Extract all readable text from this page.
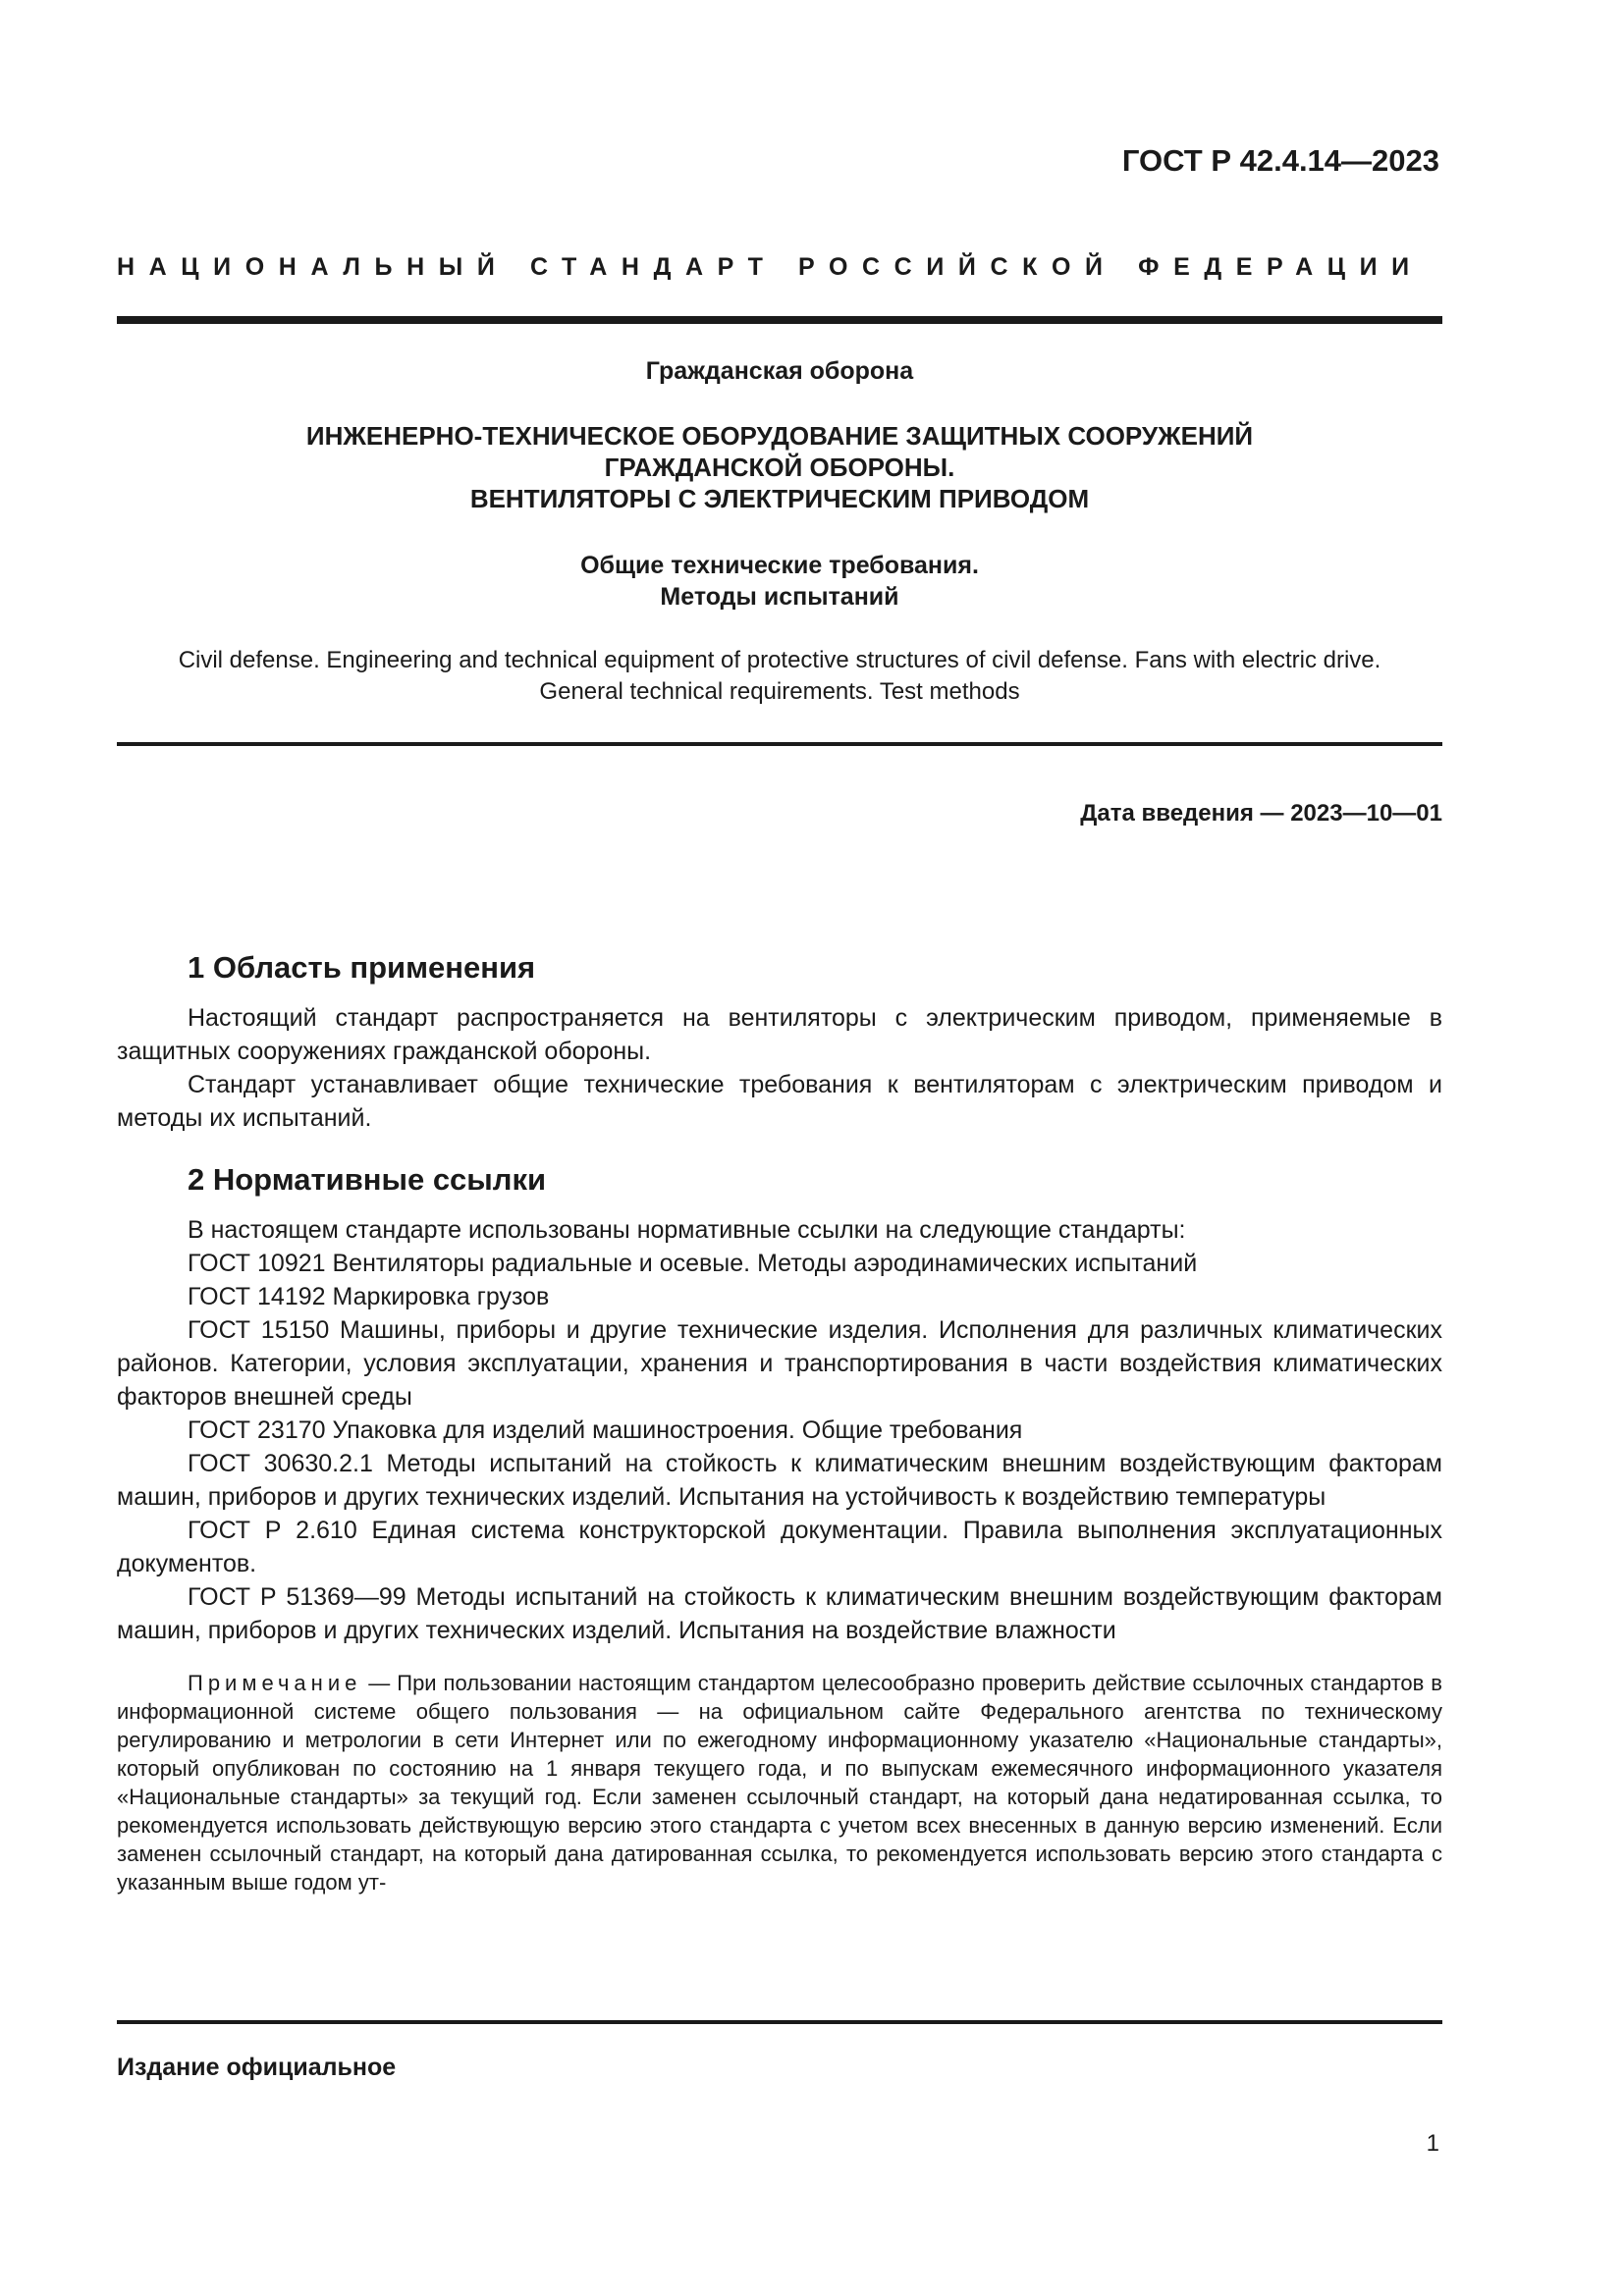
ГОСТ Р 42.4.14—2023
НАЦИОНАЛЬНЫЙ СТАНДАРТ РОССИЙСКОЙ ФЕДЕРАЦИИ
Гражданская оборона
ИНЖЕНЕРНО-ТЕХНИЧЕСКОЕ ОБОРУДОВАНИЕ ЗАЩИТНЫХ СООРУЖЕНИЙ
ГРАЖДАНСКОЙ ОБОРОНЫ.
ВЕНТИЛЯТОРЫ С ЭЛЕКТРИЧЕСКИМ ПРИВОДОМ
Общие технические требования.
Методы испытаний
Civil defense. Engineering and technical equipment of protective structures of civil defense. Fans with electric drive.
General technical requirements. Test methods
Дата введения — 2023—10—01
1 Область применения

Настоящий стандарт распространяется на вентиляторы с электрическим приводом, применяемые в защитных сооружениях гражданской обороны.

Стандарт устанавливает общие технические требования к вентиляторам с электрическим приводом и методы их испытаний.

2 Нормативные ссылки

В настоящем стандарте использованы нормативные ссылки на следующие стандарты:

ГОСТ 10921 Вентиляторы радиальные и осевые. Методы аэродинамических испытаний
ГОСТ 14192 Маркировка грузов
ГОСТ 15150 Машины, приборы и другие технические изделия. Исполнения для различных климатических районов. Категории, условия эксплуатации, хранения и транспортирования в части воздействия климатических факторов внешней среды
ГОСТ 23170 Упаковка для изделий машиностроения. Общие требования
ГОСТ 30630.2.1 Методы испытаний на стойкость к климатическим внешним воздействующим факторам машин, приборов и других технических изделий. Испытания на устойчивость к воздействию температуры
ГОСТ Р 2.610 Единая система конструкторской документации. Правила выполнения эксплуатационных документов.
ГОСТ Р 51369—99 Методы испытаний на стойкость к климатическим внешним воздействующим факторам машин, приборов и других технических изделий. Испытания на воздействие влажности

Примечание — При пользовании настоящим стандартом целесообразно проверить действие ссылочных стандартов в информационной системе общего пользования — на официальном сайте Федерального агентства по техническому регулированию и метрологии в сети Интернет или по ежегодному информационному указателю «Национальные стандарты», который опубликован по состоянию на 1 января текущего года, и по выпускам ежемесячного информационного указателя «Национальные стандарты» за текущий год. Если заменен ссылочный стандарт, на который дана недатированная ссылка, то рекомендуется использовать действующую версию этого стандарта с учетом всех внесенных в данную версию изменений. Если заменен ссылочный стандарт, на который дана датированная ссылка, то рекомендуется использовать версию этого стандарта с указанным выше годом ут-

Издание официальное
1
